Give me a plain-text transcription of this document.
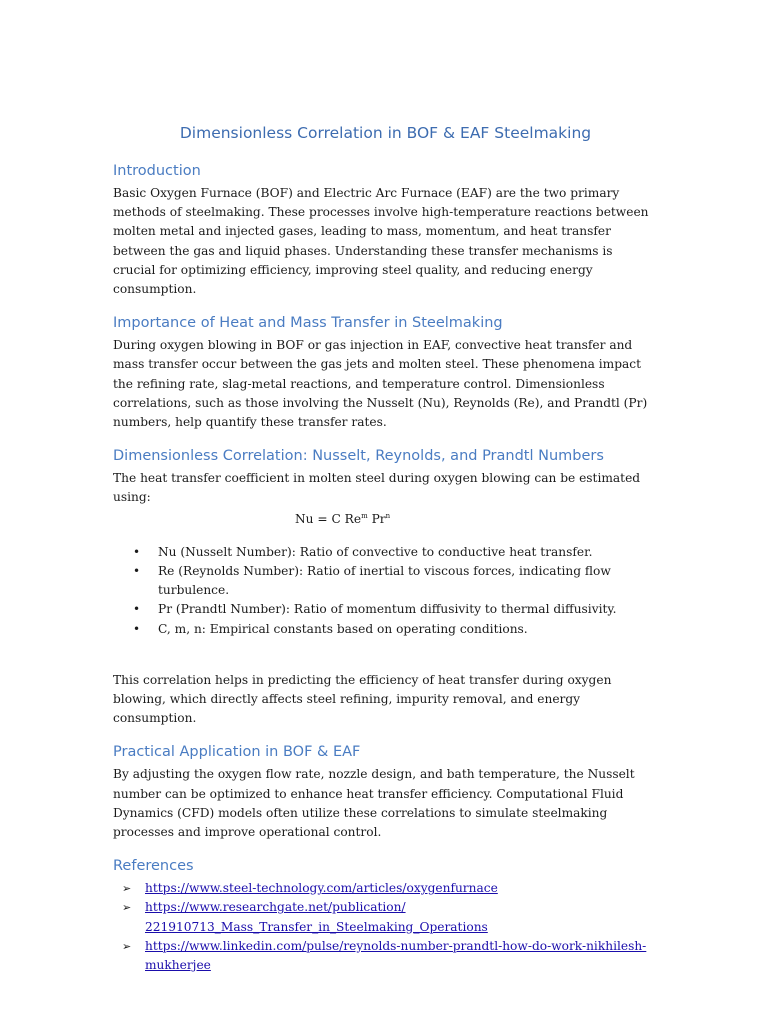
Dimensionless Correlation in BOF & EAF Steelmaking
Introduction

Basic Oxygen Furnace (BOF) and Electric Arc Furnace (EAF) are the two primary methods of steelmaking. These processes involve high-temperature reactions between molten metal and injected gases, leading to mass, momentum, and heat transfer between the gas and liquid phases. Understanding these transfer mechanisms is crucial for optimizing efficiency, improving steel quality, and reducing energy consumption.

Importance of Heat and Mass Transfer in Steelmaking

During oxygen blowing in BOF or gas injection in EAF, convective heat transfer and mass transfer occur between the gas jets and molten steel. These phenomena impact the refining rate, slag-metal reactions, and temperature control. Dimensionless correlations, such as those involving the Nusselt (Nu), Reynolds (Re), and Prandtl (Pr) numbers, help quantify these transfer rates.

Dimensionless Correlation: Nusselt, Reynolds, and Prandtl Numbers

The heat transfer coefficient in molten steel during oxygen blowing can be estimated using:

Nu = C Re$^m$ Pr$^n$
• Nu (Nusselt Number): Ratio of convective to conductive heat transfer.
• Re (Reynolds Number): Ratio of inertial to viscous forces, indicating flow turbulence.
• Pr (Prandtl Number): Ratio of momentum diffusivity to thermal diffusivity.
• C, m, n: Empirical constants based on operating conditions.

This correlation helps in predicting the efficiency of heat transfer during oxygen blowing, which directly affects steel refining, impurity removal, and energy consumption.

Practical Application in BOF & EAF

By adjusting the oxygen flow rate, nozzle design, and bath temperature, the Nusselt number can be optimized to enhance heat transfer efficiency. Computational Fluid Dynamics (CFD) models often utilize these correlations to simulate steelmaking processes and improve operational control.

References
➢ https://www.steel-technology.com/articles/oxygenfurnace
➢ https://www.researchgate.net/publication/ 221910713_Mass_Transfer_in_Steelmaking_Operations
➢ https://www.linkedin.com/pulse/reynolds-number-prandtl-how-do-work-nikhilesh-mukherjee
